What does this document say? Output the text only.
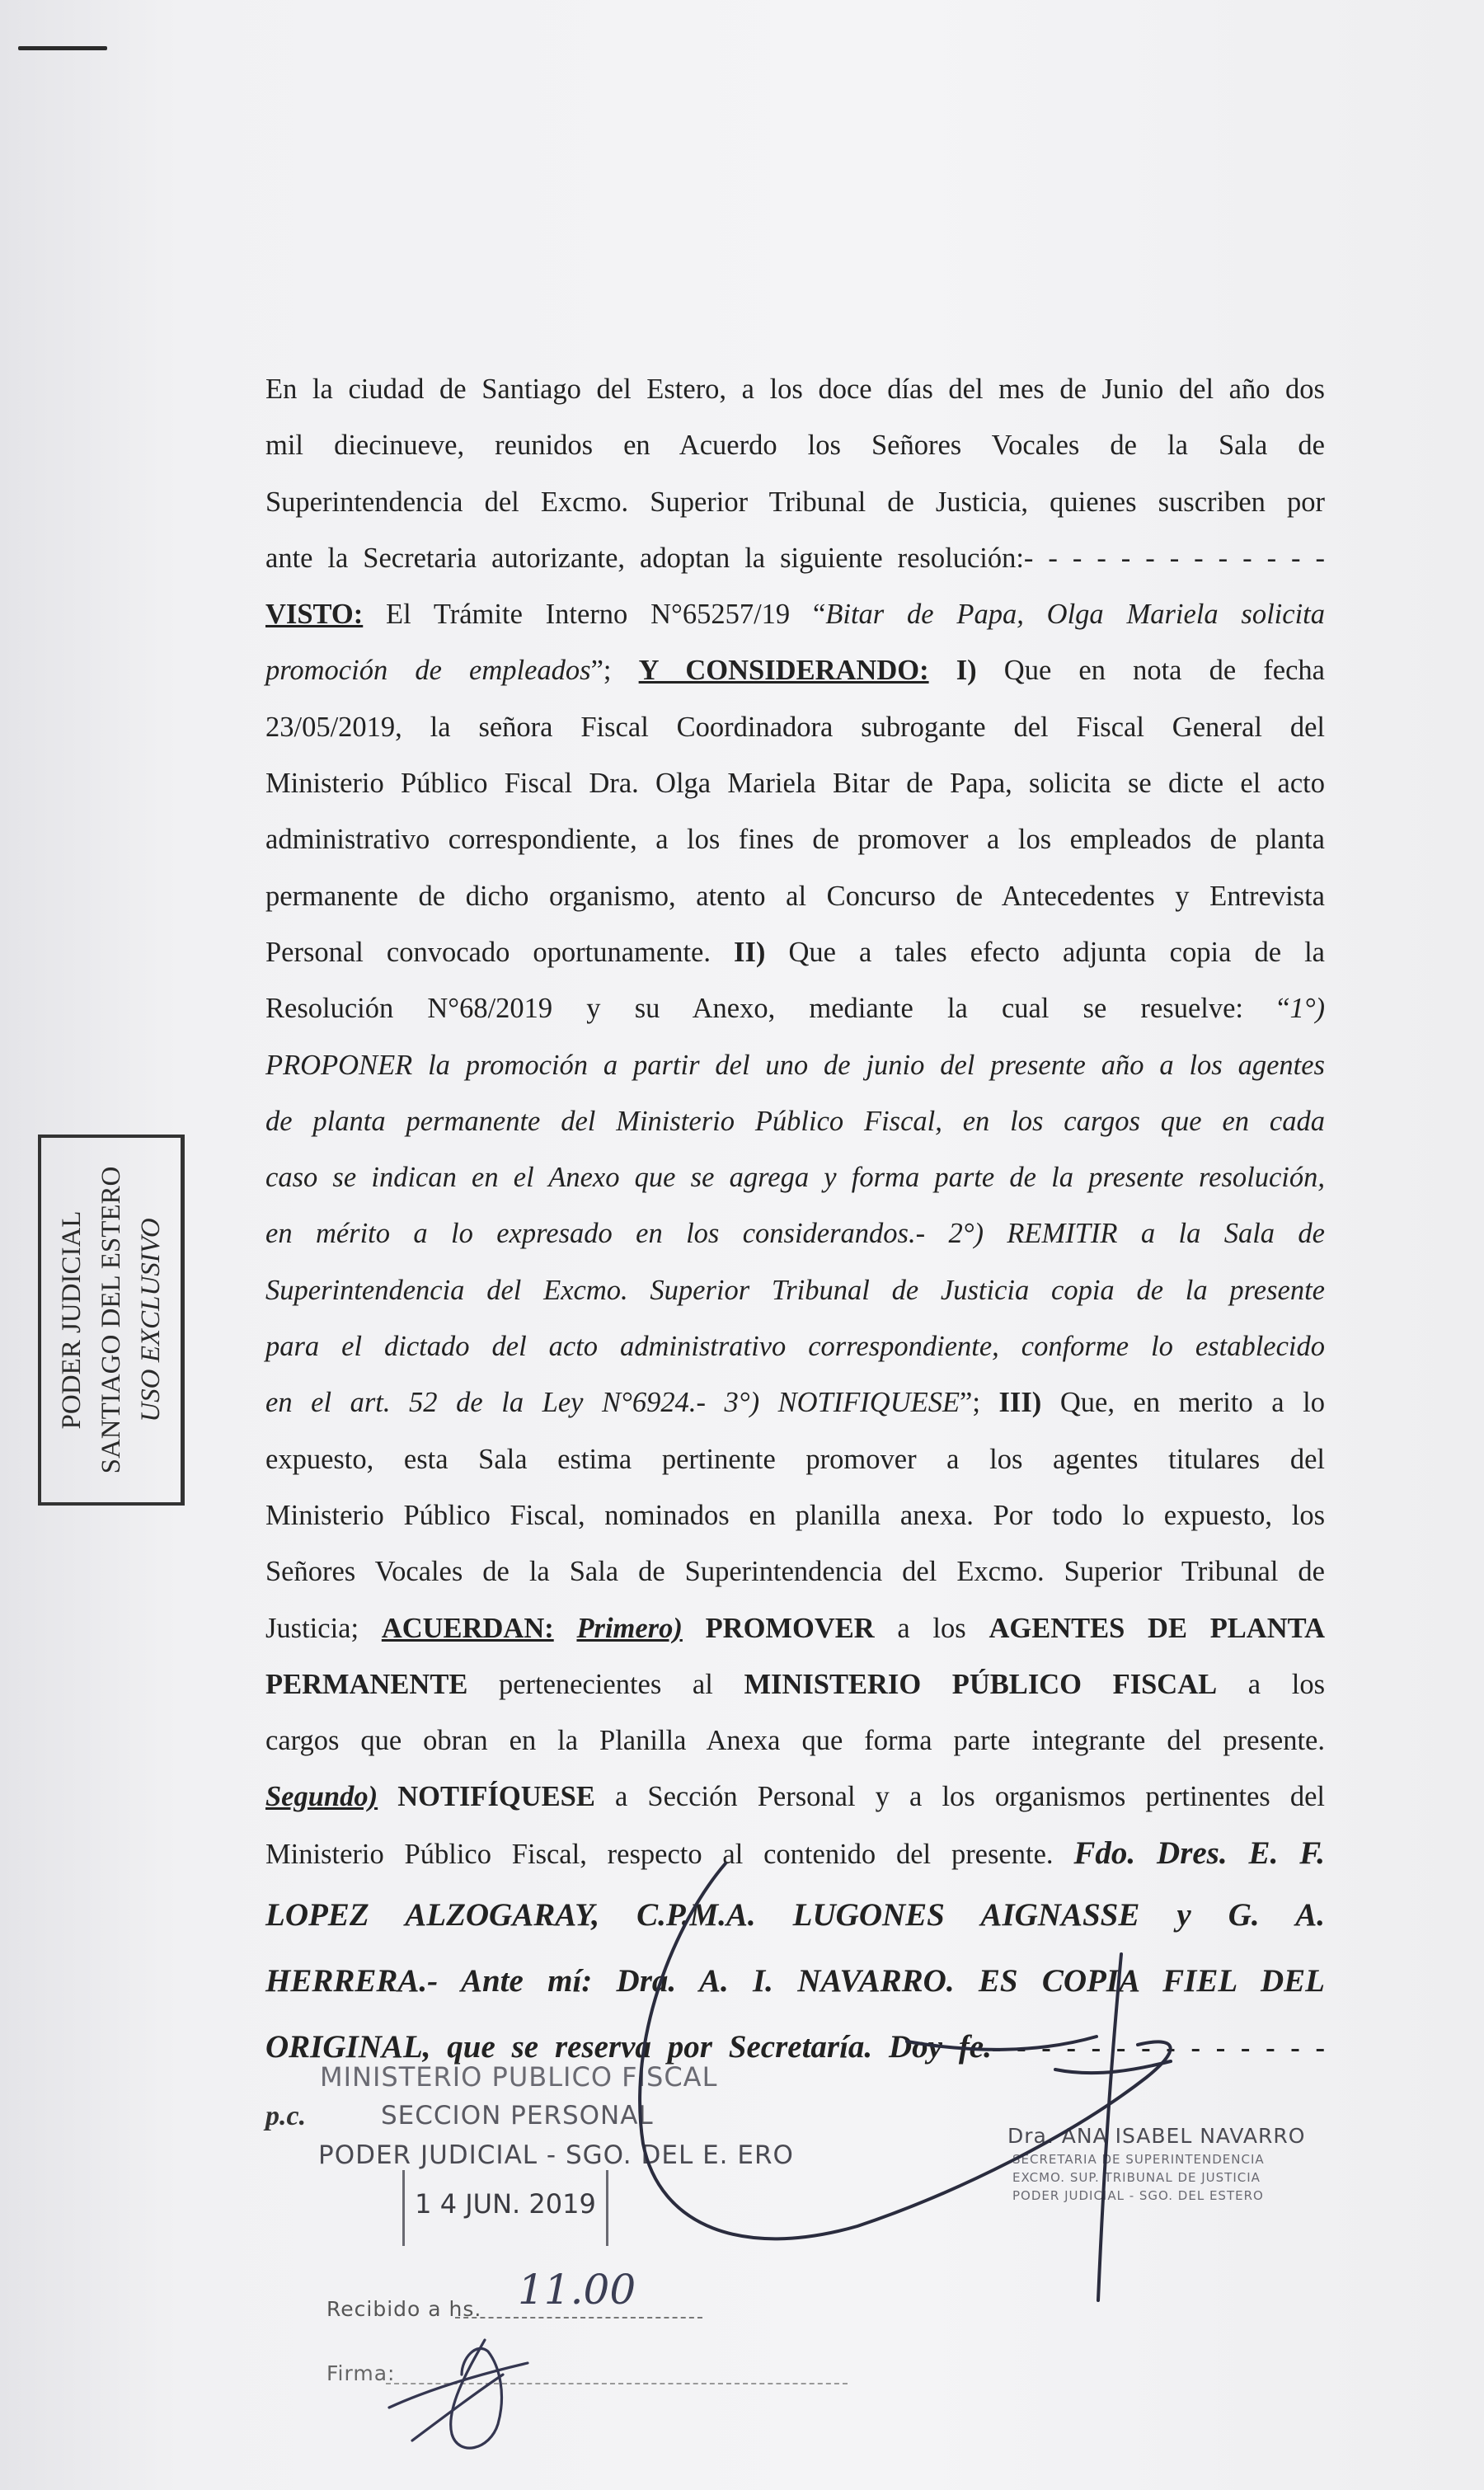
PODER JUDICIAL SANTIAGO DEL ESTERO USO EXCLUSIVO
En la ciudad de Santiago del Estero, a los doce días del mes de Junio del año dos
mil diecinueve, reunidos en Acuerdo los Señores Vocales de la Sala de
Superintendencia del Excmo. Superior Tribunal de Justicia, quienes suscriben por
ante la Secretaria autorizante, adoptan la siguiente resolución:- - - - - - - - - - - - -
VISTO: El Trámite Interno N°65257/19 “Bitar de Papa, Olga Mariela solicita
promoción de empleados”; Y CONSIDERANDO: I) Que en nota de fecha
23/05/2019, la señora Fiscal Coordinadora subrogante del Fiscal General del
Ministerio Público Fiscal Dra. Olga Mariela Bitar de Papa, solicita se dicte el acto
administrativo correspondiente, a los fines de promover a los empleados de planta
permanente de dicho organismo, atento al Concurso de Antecedentes y Entrevista
Personal convocado oportunamente. II) Que a tales efecto adjunta copia de la
Resolución N°68/2019 y su Anexo, mediante la cual se resuelve: “1°)
PROPONER la promoción a partir del uno de junio del presente año a los agentes
de planta permanente del Ministerio Público Fiscal, en los cargos que en cada
caso se indican en el Anexo que se agrega y forma parte de la presente resolución,
en mérito a lo expresado en los considerandos.- 2°) REMITIR a la Sala de
Superintendencia del Excmo. Superior Tribunal de Justicia copia de la presente
para el dictado del acto administrativo correspondiente, conforme lo establecido
en el art. 52 de la Ley N°6924.- 3°) NOTIFIQUESE”; III) Que, en merito a lo
expuesto, esta Sala estima pertinente promover a los agentes titulares del
Ministerio Público Fiscal, nominados en planilla anexa. Por todo lo expuesto, los
Señores Vocales de la Sala de Superintendencia del Excmo. Superior Tribunal de
Justicia; ACUERDAN: Primero) PROMOVER a los AGENTES DE PLANTA
PERMANENTE pertenecientes al MINISTERIO PÚBLICO FISCAL a los
cargos que obran en la Planilla Anexa que forma parte integrante del presente.
Segundo) NOTIFÍQUESE a Sección Personal y a los organismos pertinentes del
Ministerio Público Fiscal, respecto al contenido del presente. Fdo. Dres. E. F.
LOPEZ ALZOGARAY, C.P.M.A. LUGONES AIGNASSE y G. A.
HERRERA.- Ante mí: Dra. A. I. NAVARRO. ES COPIA FIEL DEL
ORIGINAL, que se reserva por Secretaría. Doy fe.- - - - - - - - - - - - - -
p.c.
MINISTERIO PUBLICO FISCAL
SECCION PERSONAL
PODER JUDICIAL - SGO. DEL E. ERO
1 4 JUN. 2019
Recibido a hs. 11.00
Firma:
Dra. ANA ISABEL NAVARRO
SECRETARIA DE SUPERINTENDENCIA
EXCMO. SUP. TRIBUNAL DE JUSTICIA
PODER JUDICIAL - SGO. DEL ESTERO
